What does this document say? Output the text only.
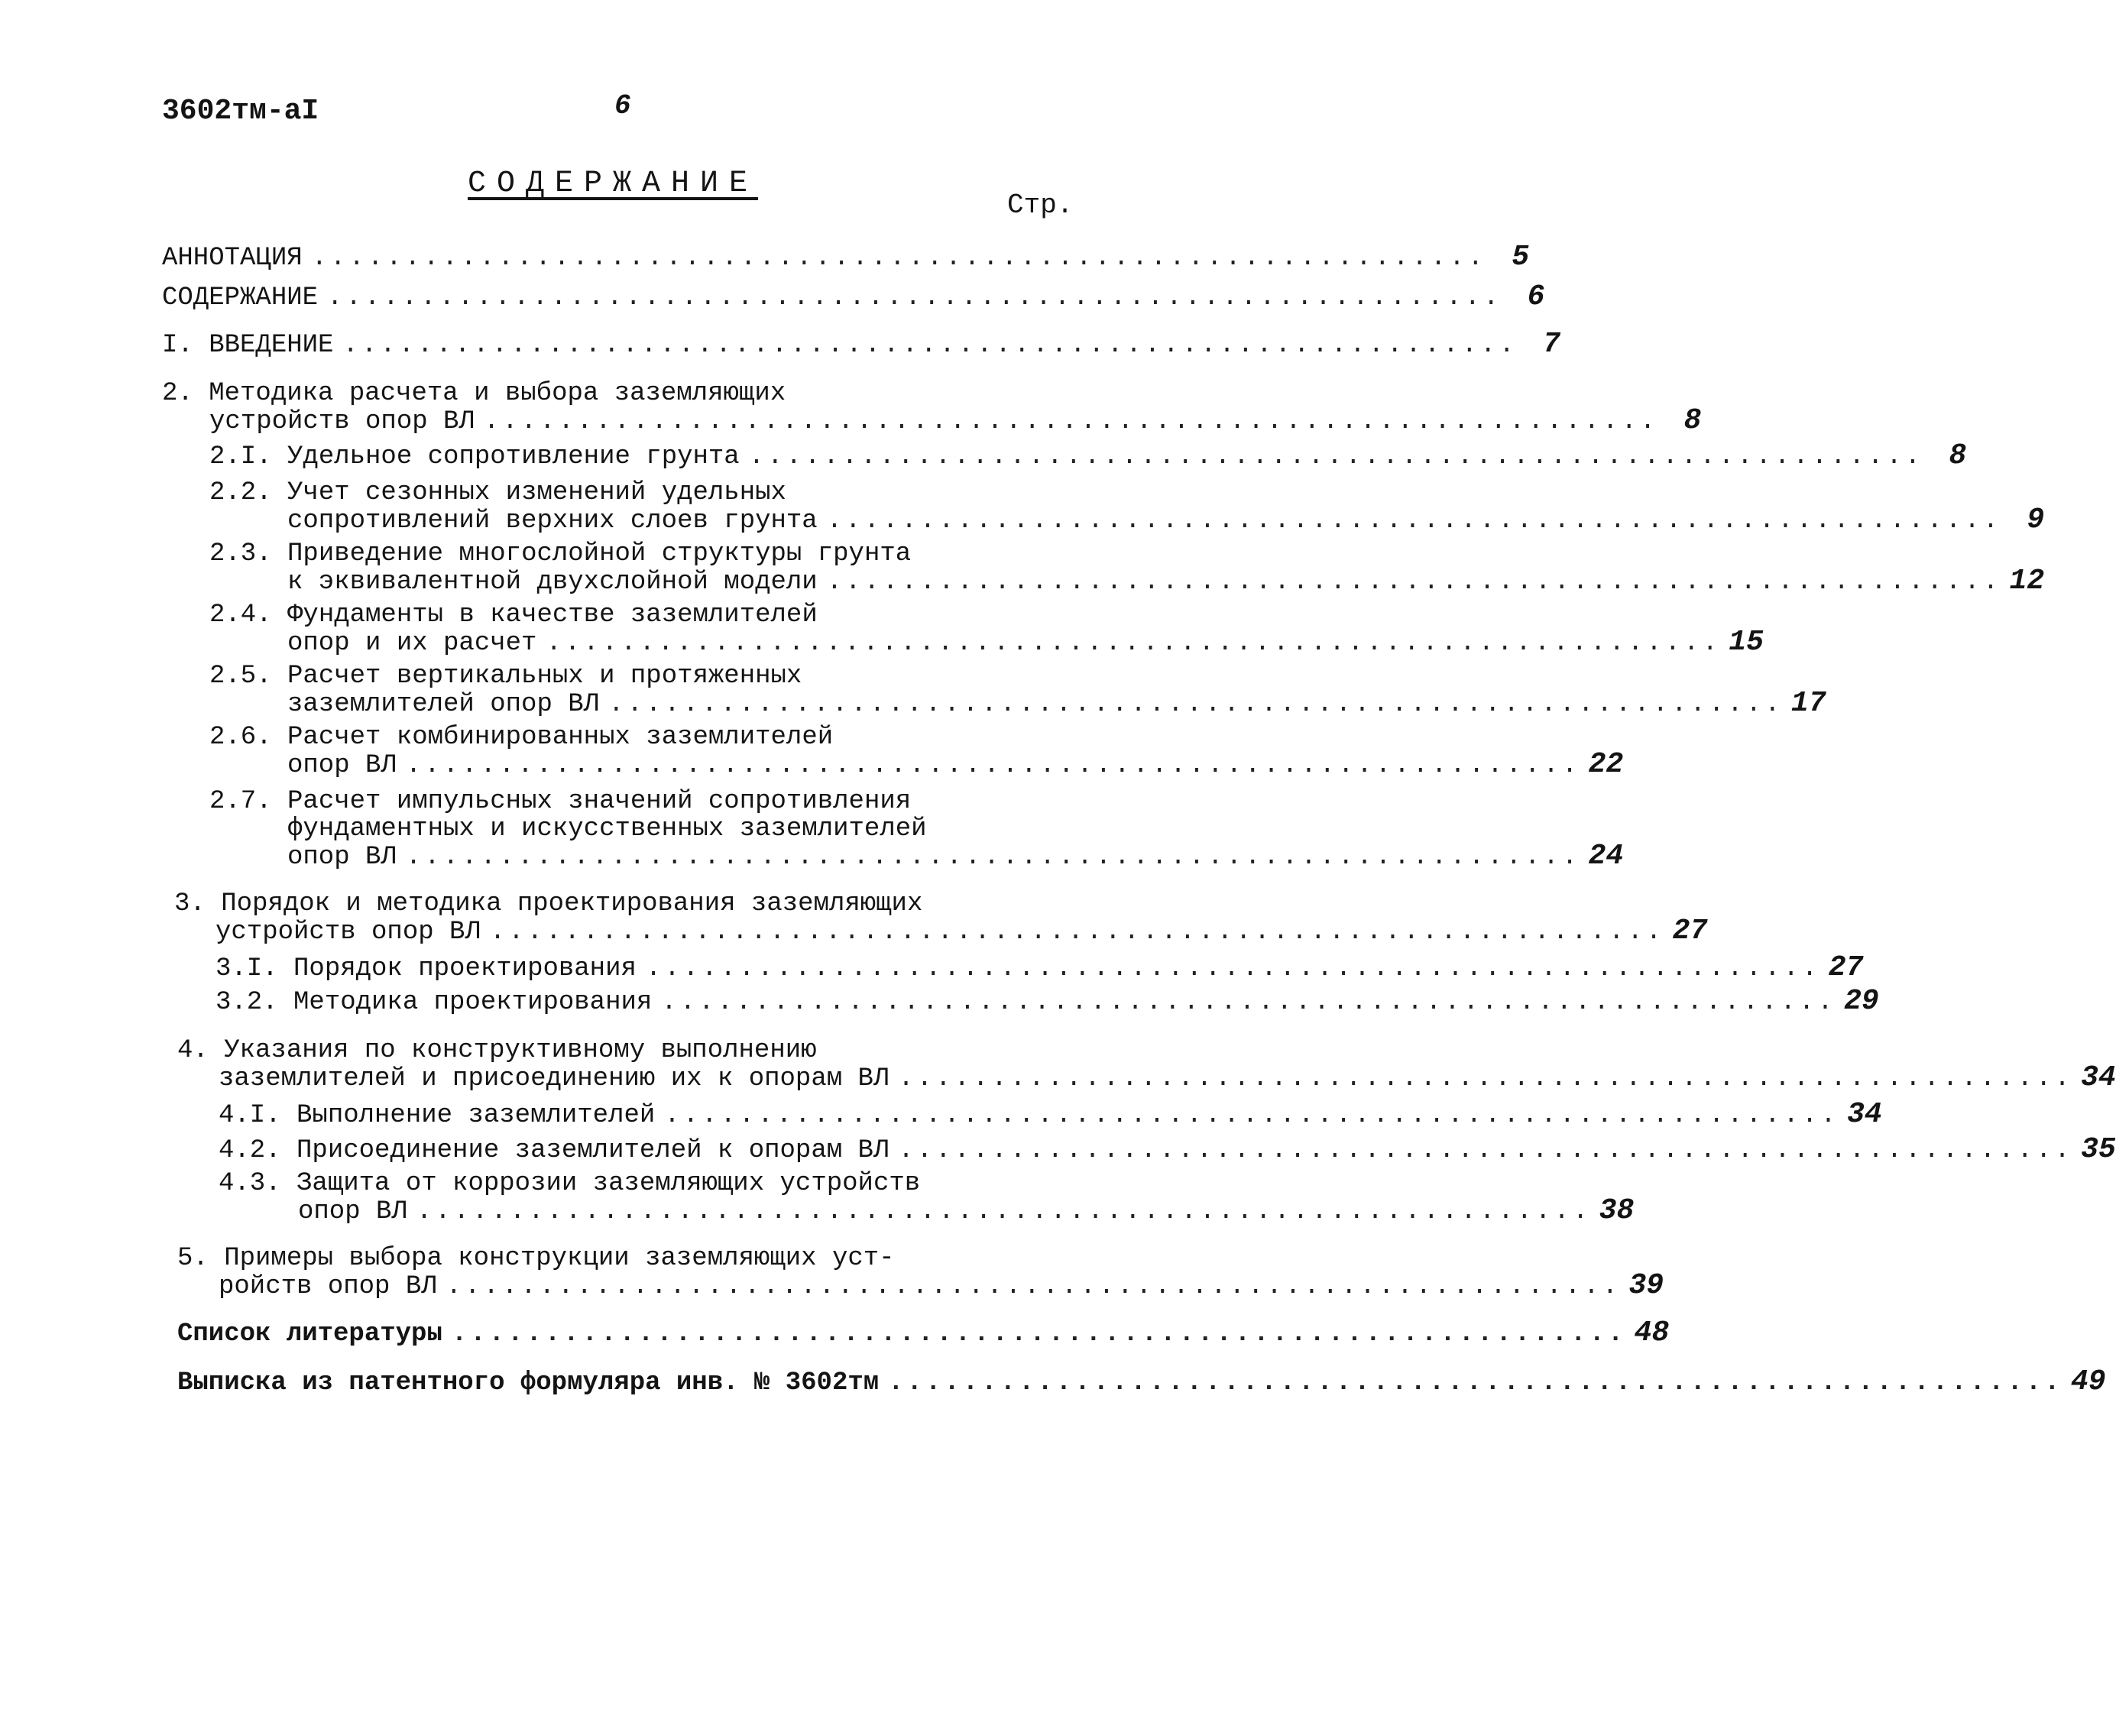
3602тм-аI	6
СОДЕРЖАНИЕ
Стр.
АННОТАЦИЯ ............................................................... 5
СОДЕРЖАНИЕ ............................................................... 6
I. ВВЕДЕНИЕ ............................................................... 7
2. Методика расчета и выбора заземляющих
устройств опор ВЛ ............................................................... 8
2.I. Удельное сопротивление грунта ............................................................... 8
2.2. Учет сезонных изменений удельных
сопротивлений верхних слоев грунта ............................................................... 9
2.3. Приведение многослойной структуры грунта
к эквивалентной двухслойной модели ............................................................... 12
2.4. Фундаменты в качестве заземлителей
опор и их расчет ............................................................... 15
2.5. Расчет вертикальных и протяженных
заземлителей опор ВЛ ............................................................... 17
2.6. Расчет комбинированных заземлителей
опор ВЛ ............................................................... 22
2.7. Расчет импульсных значений сопротивления
фундаментных и искусственных заземлителей
опор ВЛ ............................................................... 24
3. Порядок и методика проектирования заземляющих
устройств опор ВЛ ............................................................... 27
3.I. Порядок проектирования ............................................................... 27
3.2. Методика проектирования ............................................................... 29
4. Указания по конструктивному выполнению
заземлителей и присоединению их к опорам ВЛ ............................................................... 34
4.I. Выполнение заземлителей ............................................................... 34
4.2. Присоединение заземлителей к опорам ВЛ ............................................................... 35
4.3. Защита от коррозии заземляющих устройств
опор ВЛ ............................................................... 38
5. Примеры выбора конструкции заземляющих уст-
ройств опор ВЛ ............................................................... 39
Список литературы ............................................................... 48
Выписка из патентного формуляра инв. № 3602тм ............................................................... 49
